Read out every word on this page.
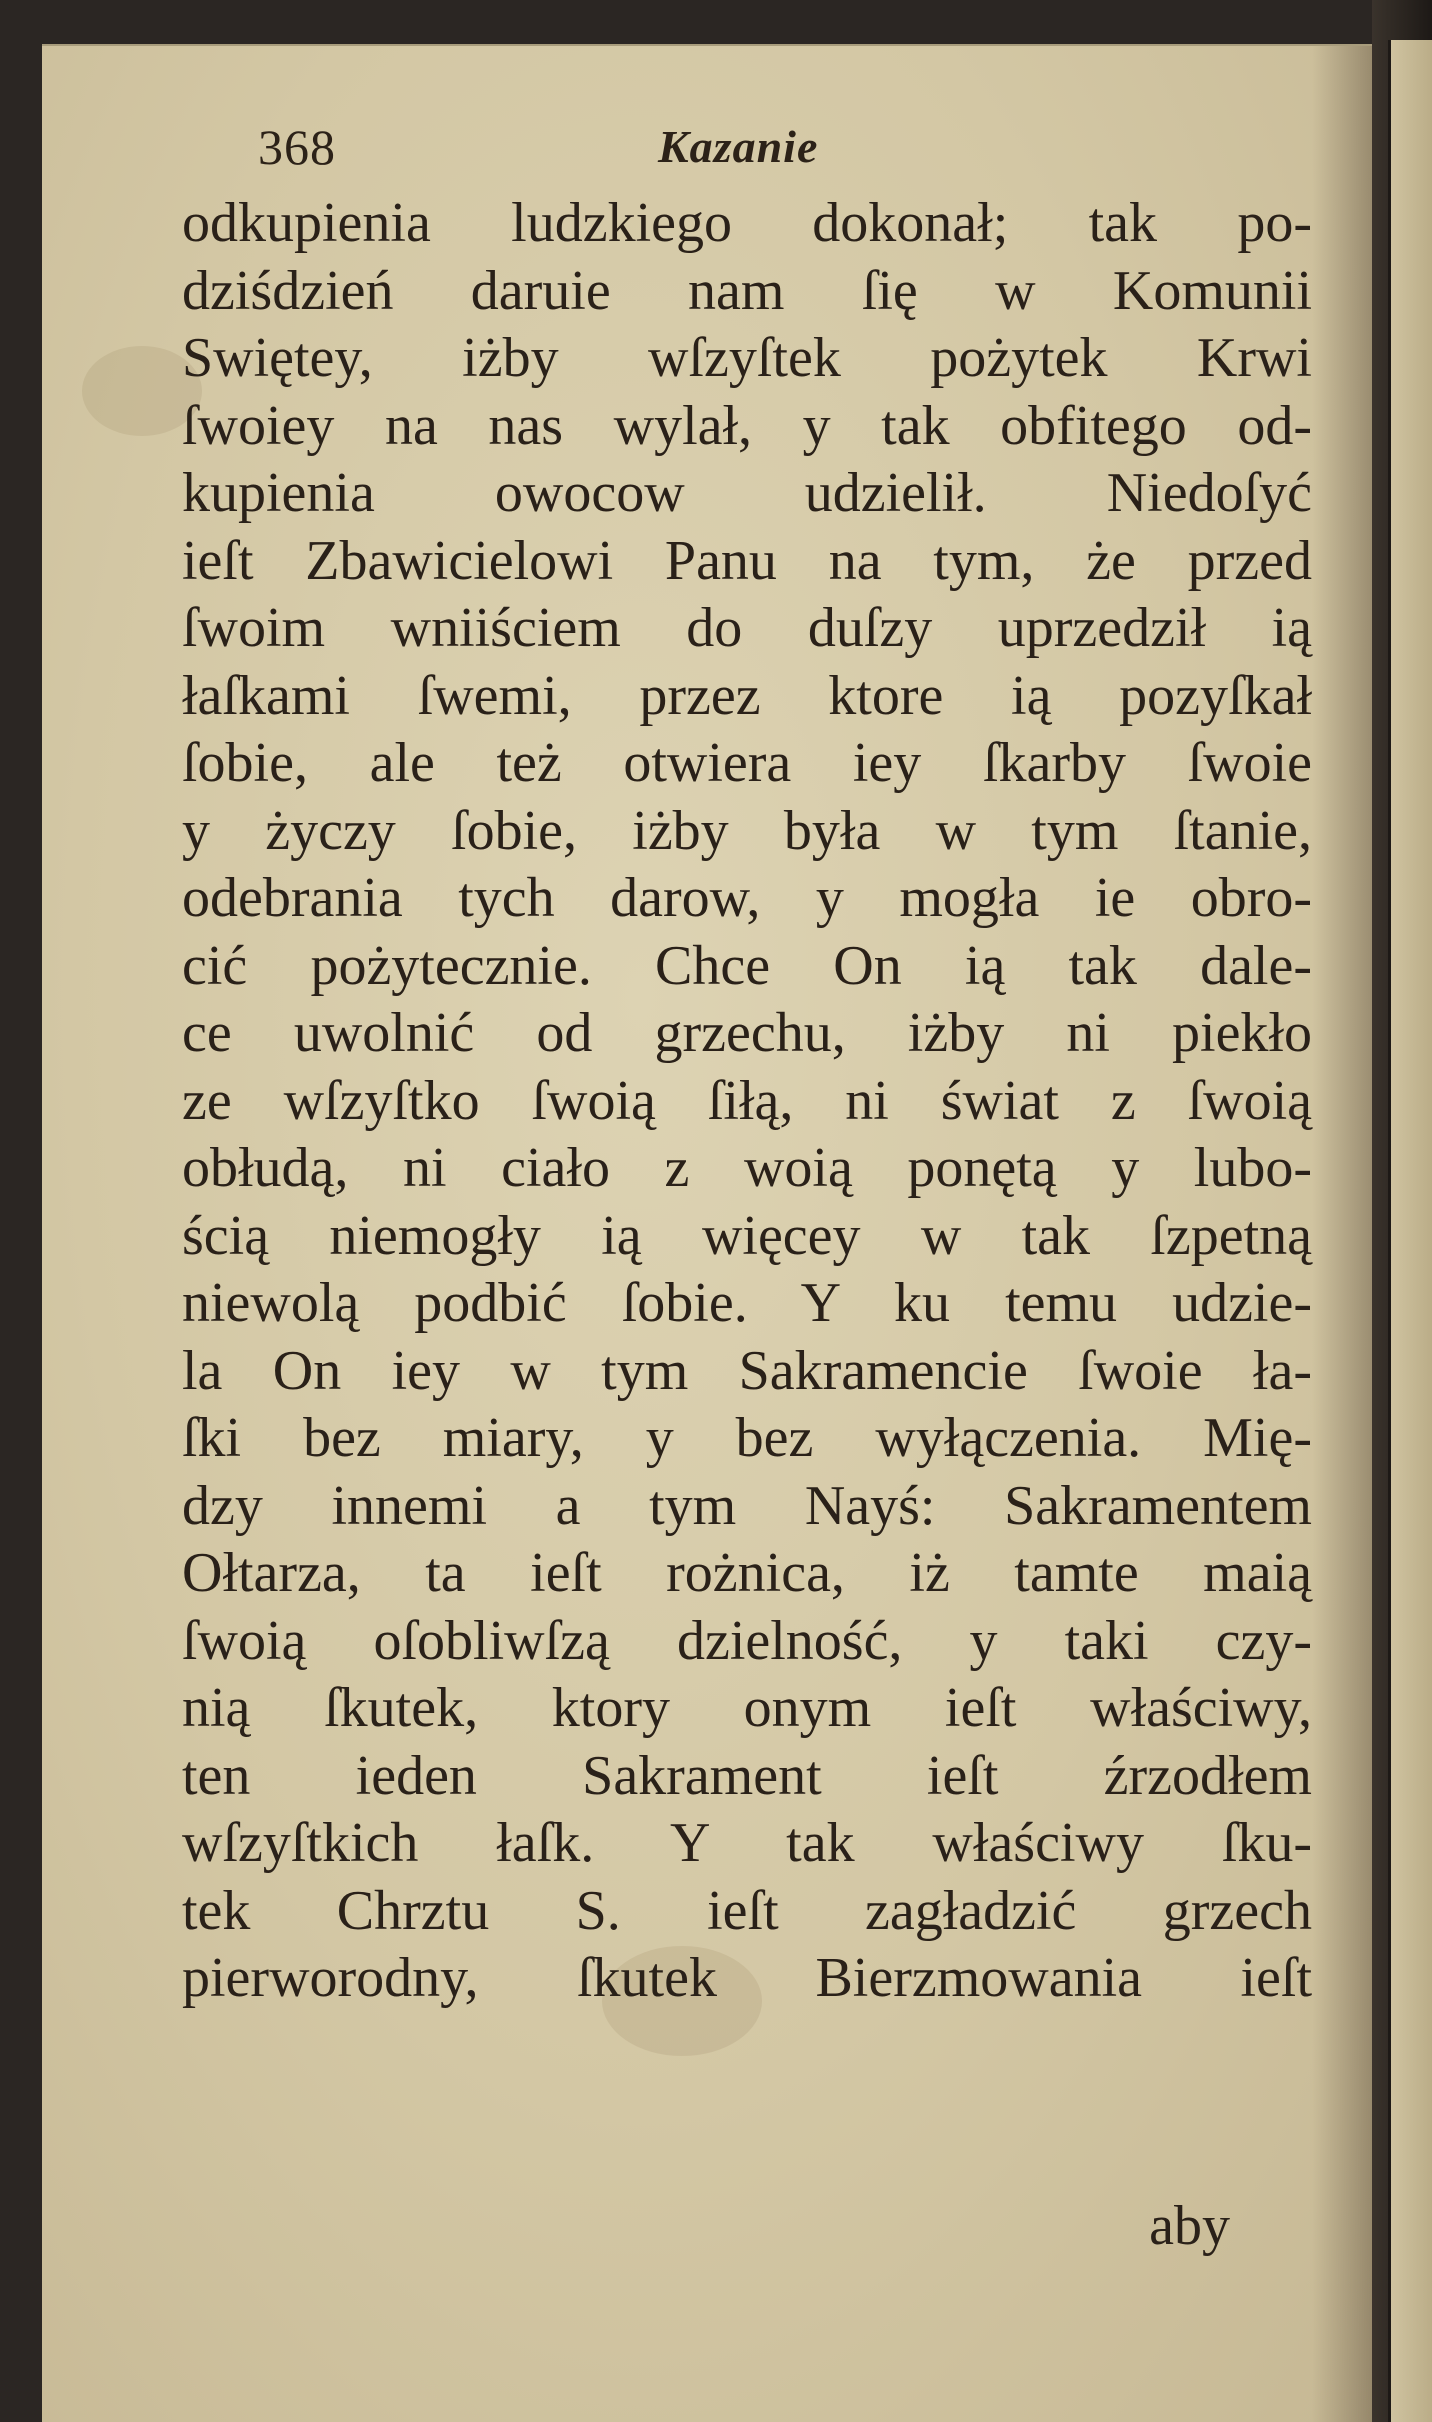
368	Kazanie
odkupienia ludzkiego dokonał; tak po-
dziśdzień daruie nam ſię w Komunii
Swiętey, iżby wſzyſtek pożytek Krwi
ſwoiey na nas wylał, y tak obfitego od-
kupienia owocow udzielił. Niedoſyć
ieſt Zbawicielowi Panu na tym, że przed
ſwoim wniiściem do duſzy uprzedził ią
łaſkami ſwemi, przez ktore ią pozyſkał
ſobie, ale też otwiera iey ſkarby ſwoie
y życzy ſobie, iżby była w tym ſtanie,
odebrania tych darow, y mogła ie obro-
cić pożytecznie. Chce On ią tak dale-
ce uwolnić od grzechu, iżby ni piekło
ze wſzyſtko ſwoią ſiłą, ni świat z ſwoią
obłudą, ni ciało z woią ponętą y lubo-
ścią niemogły ią więcey w tak ſzpetną
niewolą podbić ſobie. Y ku temu udzie-
la On iey w tym Sakramencie ſwoie ła-
ſki bez miary, y bez wyłączenia. Mię-
dzy innemi a tym Nayś: Sakramentem
Ołtarza, ta ieſt rożnica, iż tamte maią
ſwoią oſobliwſzą dzielność, y taki czy-
nią ſkutek, ktory onym ieſt właściwy,
ten ieden Sakrament ieſt źrzodłem
wſzyſtkich łaſk. Y tak właściwy ſku-
tek Chrztu S. ieſt zagładzić grzech
pierworodny, ſkutek Bierzmowania ieſt
aby
